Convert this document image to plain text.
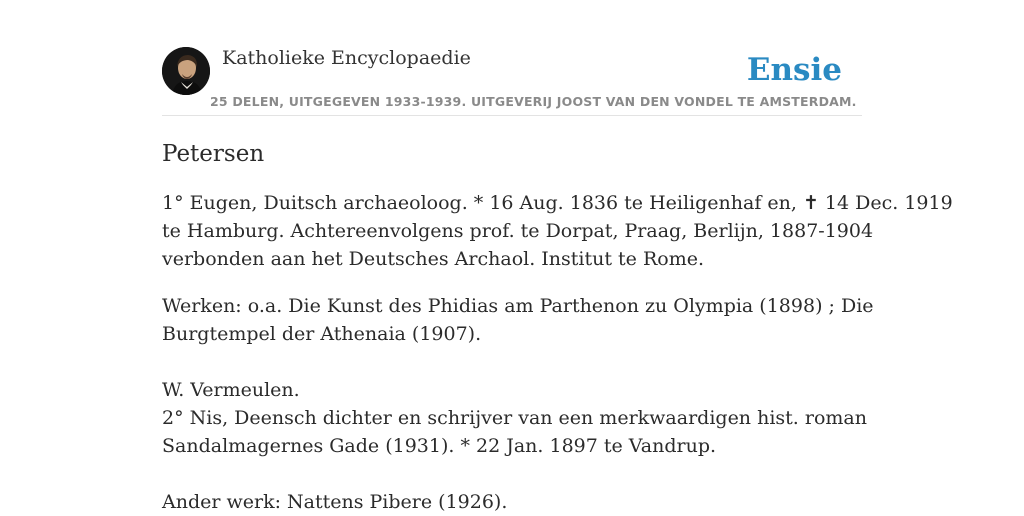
Katholieke Encyclopaedie
25 DELEN, UITGEGEVEN 1933-1939. UITGEVERIJ JOOST VAN DEN VONDEL TE AMSTERDAM.
Ensie
Petersen

1° Eugen, Duitsch archaeoloog. * 16 Aug. 1836 te Heiligenhaf en, ✝ 14 Dec. 1919
te Hamburg. Achtereenvolgens prof. te Dorpat, Praag, Berlijn, 1887-1904
verbonden aan het Deutsches Archaol. Institut te Rome.

Werken: o.a. Die Kunst des Phidias am Parthenon zu Olympia (1898) ; Die
Burgtempel der Athenaia (1907).
W. Vermeulen.
2° Nis, Deensch dichter en schrijver van een merkwaardigen hist. roman
Sandalmagernes Gade (1931). * 22 Jan. 1897 te Vandrup.
Ander werk: Nattens Pibere (1926).
